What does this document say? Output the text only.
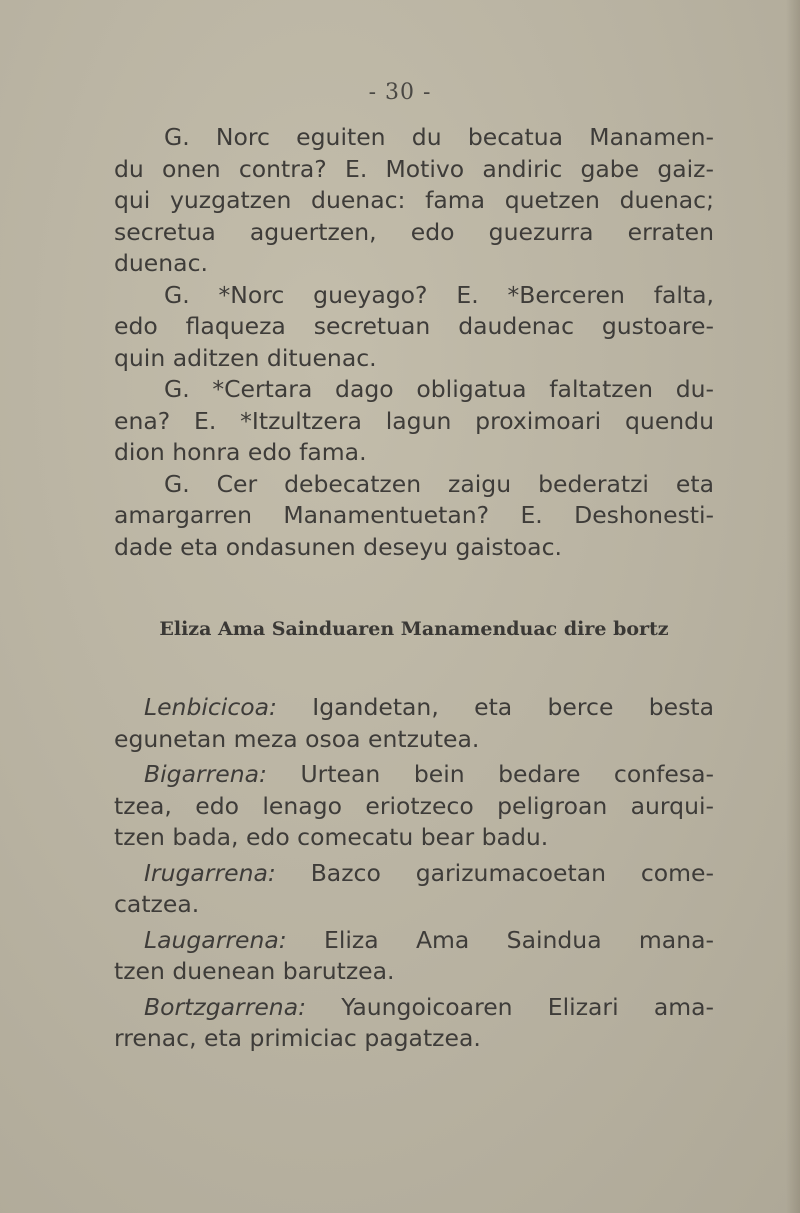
- 30 -
G. Norc eguiten du becatua Manamen-
du onen contra? E. Motivo andiric gabe gaiz-
qui yuzgatzen duenac: fama quetzen duenac;
secretua aguertzen, edo guezurra erraten
duenac.
G. *Norc gueyago? E. *Berceren falta,
edo flaqueza secretuan daudenac gustoare-
quin aditzen dituenac.
G. *Certara dago obligatua faltatzen du-
ena? E. *Itzultzera lagun proximoari quendu
dion honra edo fama.
G. Cer debecatzen zaigu bederatzi eta
amargarren Manamentuetan? E. Deshonesti-
dade eta ondasunen deseyu gaistoac.
Eliza Ama Sainduaren Manamenduac dire bortz
Lenbicicoa: Igandetan, eta berce besta
egunetan meza osoa entzutea.
Bigarrena: Urtean bein bedare confesa-
tzea, edo lenago eriotzeco peligroan aurqui-
tzen bada, edo comecatu bear badu.
Irugarrena: Bazco garizumacoetan come-
catzea.
Laugarrena: Eliza Ama Saindua mana-
tzen duenean barutzea.
Bortzgarrena: Yaungoicoaren Elizari ama-
rrenac, eta primiciac pagatzea.
